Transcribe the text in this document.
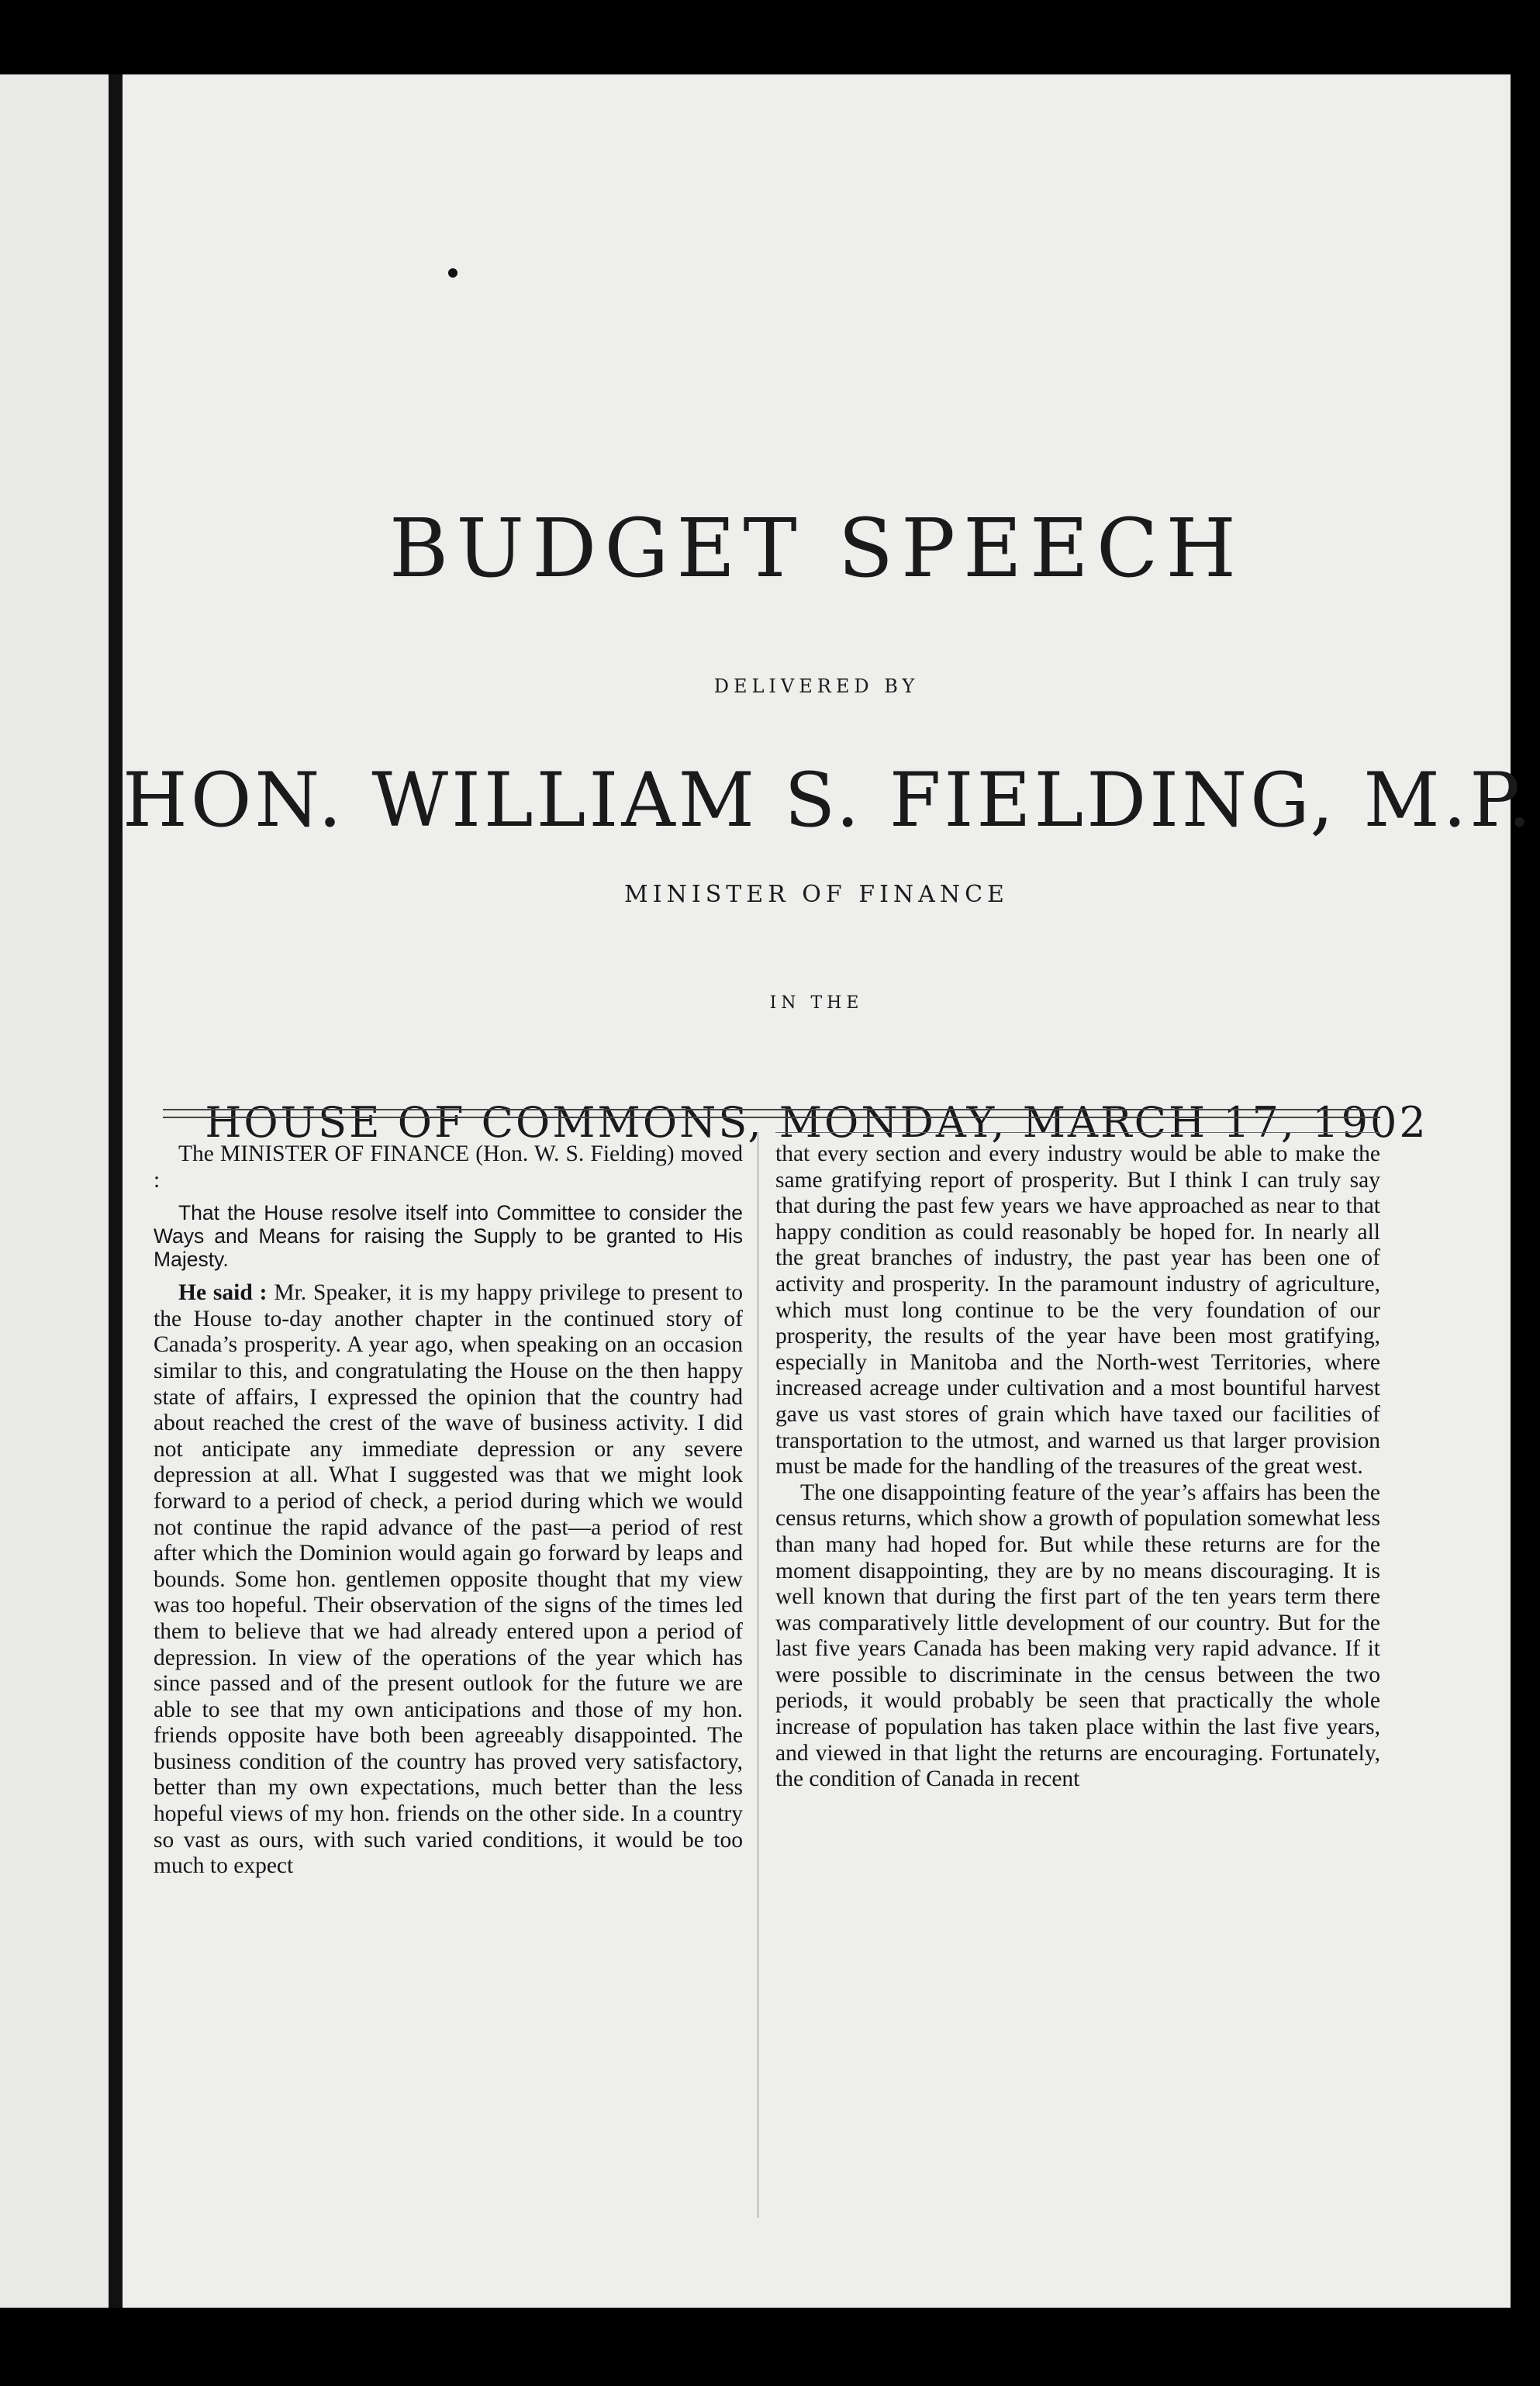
BUDGET SPEECH
DELIVERED BY
HON. WILLIAM S. FIELDING, M.P.
MINISTER OF FINANCE
IN THE
HOUSE OF COMMONS, MONDAY, MARCH 17, 1902

The MINISTER OF FINANCE (Hon. W. S. Fielding) moved :

That the House resolve itself into Committee to consider the Ways and Means for raising the Supply to be granted to His Majesty.

He said : Mr. Speaker, it is my happy privilege to present to the House to-day another chapter in the continued story of Canada’s prosperity. A year ago, when speaking on an occasion similar to this, and congratulating the House on the then happy state of affairs, I expressed the opinion that the country had about reached the crest of the wave of business activity. I did not anticipate any immediate depression or any severe depression at all. What I suggested was that we might look forward to a period of check, a period during which we would not continue the rapid advance of the past—a period of rest after which the Dominion would again go forward by leaps and bounds. Some hon. gentlemen opposite thought that my view was too hopeful. Their observation of the signs of the times led them to believe that we had already entered upon a period of depression. In view of the operations of the year which has since passed and of the present outlook for the future we are able to see that my own anticipations and those of my hon. friends opposite have both been agreeably disappointed. The business condition of the country has proved very satisfactory, better than my own expectations, much better than the less hopeful views of my hon. friends on the other side. In a country so vast as ours, with such varied conditions, it would be too much to expect

that every section and every industry would be able to make the same gratifying report of prosperity. But I think I can truly say that during the past few years we have approached as near to that happy condition as could reasonably be hoped for. In nearly all the great branches of industry, the past year has been one of activity and prosperity. In the paramount industry of agriculture, which must long continue to be the very foundation of our prosperity, the results of the year have been most gratifying, especially in Manitoba and the North-west Territories, where increased acreage under cultivation and a most bountiful harvest gave us vast stores of grain which have taxed our facilities of transportation to the utmost, and warned us that larger provision must be made for the handling of the treasures of the great west.

The one disappointing feature of the year’s affairs has been the census returns, which show a growth of population somewhat less than many had hoped for. But while these returns are for the moment disappointing, they are by no means discouraging. It is well known that during the first part of the ten years term there was comparatively little development of our country. But for the last five years Canada has been making very rapid advance. If it were possible to discriminate in the census between the two periods, it would probably be seen that practically the whole increase of population has taken place within the last five years, and viewed in that light the returns are encouraging. Fortunately, the condition of Canada in recent
